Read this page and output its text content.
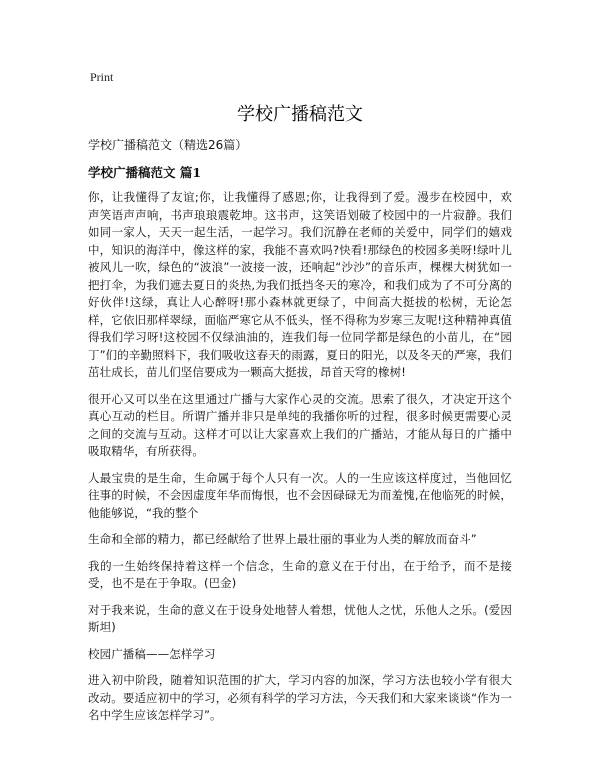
Print
学校广播稿范文

学校广播稿范文（精选26篇）

学校广播稿范文 篇1

你，让我懂得了友谊;你，让我懂得了感恩;你，让我得到了爱。漫步在校园中，欢声笑语声声响，书声琅琅震乾坤。这书声，这笑语划破了校园中的一片寂静。我们如同一家人，天天一起生活，一起学习。我们沉静在老师的关爱中，同学们的嬉戏中，知识的海洋中，像这样的家，我能不喜欢吗?快看!那绿色的校园多美呀!绿叶儿被风儿一吹，绿色的“波浪”一波接一波，还响起“沙沙”的音乐声，棵棵大树犹如一把打伞，为我们遮去夏日的炎热,为我们抵挡冬天的寒冷，和我们成为了不可分离的好伙伴!这绿，真让人心醉呀!那小森林就更绿了，中间高大挺拔的松树，无论怎样，它依旧那样翠绿，面临严寒它从不低头，怪不得称为岁寒三友呢!这种精神真值得我们学习呀!这校园不仅绿油油的，连我们每一位同学都是绿色的小苗儿，在“园丁”们的辛勤照料下，我们吸收这春天的雨露，夏日的阳光，以及冬天的严寒，我们茁壮成长，苗儿们坚信要成为一颗高大挺拔，昂首天穹的橡树!

很开心又可以坐在这里通过广播与大家作心灵的交流。思索了很久，才决定开这个真心互动的栏目。所谓广播并非只是单纯的我播你听的过程，很多时候更需要心灵之间的交流与互动。这样才可以让大家喜欢上我们的广播站，才能从每日的广播中吸取精华，有所获得。

人最宝贵的是生命，生命属于每个人只有一次。人的一生应该这样度过，当他回忆往事的时候，不会因虚度年华而悔恨，也不会因碌碌无为而羞愧,在他临死的时候，他能够说，“我的整个

生命和全部的精力，都已经献给了世界上最壮丽的事业为人类的解放而奋斗”

我的一生始终保持着这样一个信念，生命的意义在于付出，在于给予，而不是接受，也不是在于争取。(巴金)

对于我来说，生命的意义在于设身处地替人着想，忧他人之忧，乐他人之乐。(爱因斯坦)

校园广播稿——怎样学习

进入初中阶段，随着知识范围的扩大，学习内容的加深，学习方法也较小学有很大改动。要适应初中的学习，必须有科学的学习方法，今天我们和大家来谈谈“作为一名中学生应该怎样学习”。
